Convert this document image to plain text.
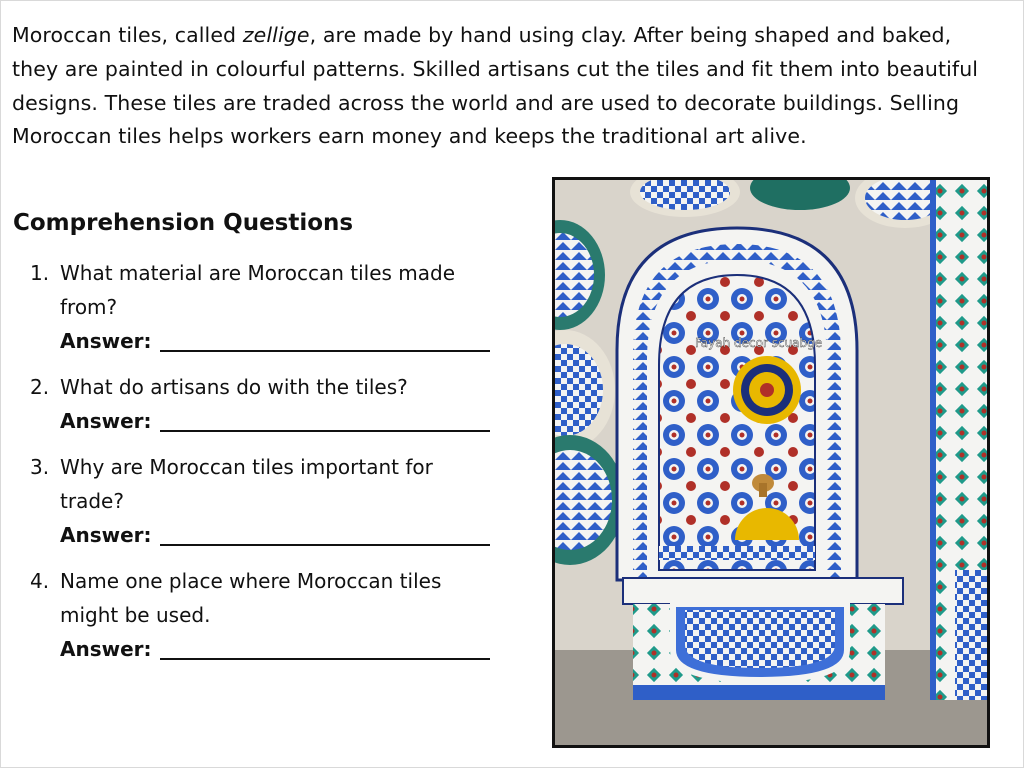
Moroccan tiles, called zellige, are made by hand using clay. After being shaped and baked, they are painted in colourful patterns. Skilled artisans cut the tiles and fit them into beautiful designs. These tiles are traded across the world and are used to decorate buildings. Selling Moroccan tiles helps workers earn money and keeps the traditional art alive.

Comprehension Questions
1. What material are Moroccan tiles made from?
Answer:
2. What do artisans do with the tiles?
Answer:
3. Why are Moroccan tiles important for trade?
Answer:
4. Name one place where Moroccan tiles might be used.
Answer:
Fayah decor scuabge
